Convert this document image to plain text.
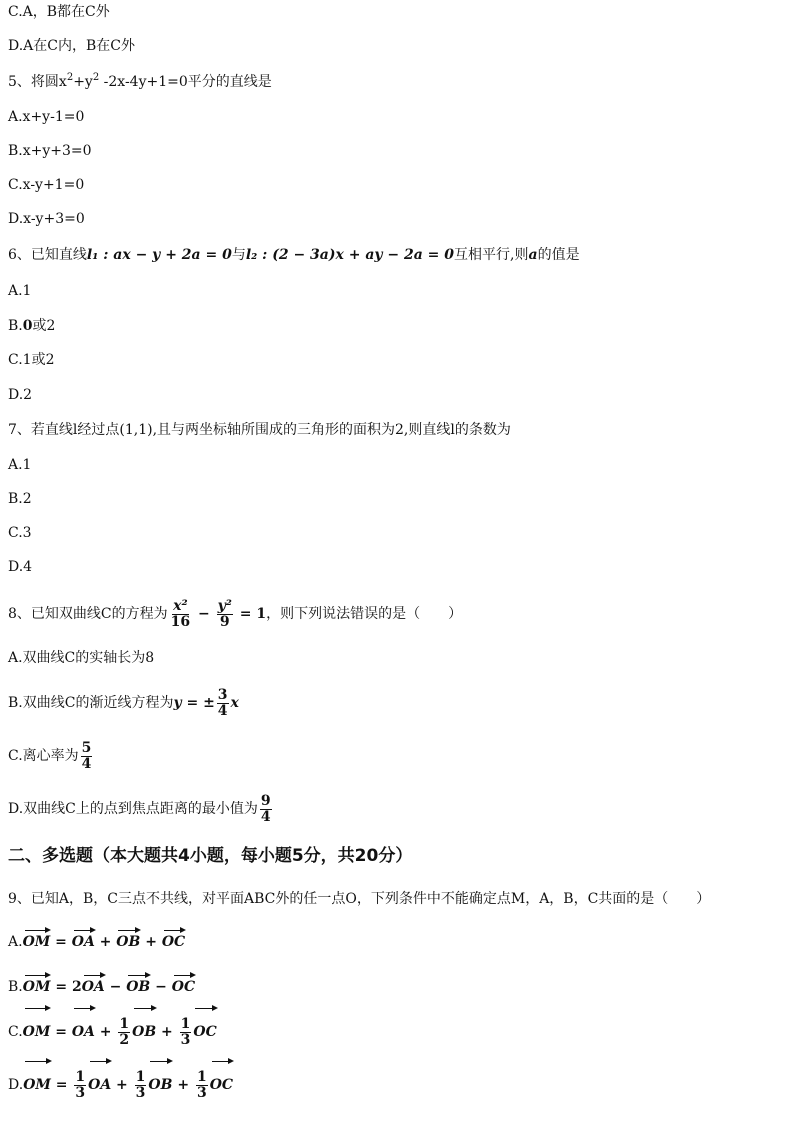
C.A，B都在C外
D.A在C内，B在C外
5、将圆$x^2+y^2$ -2x-4y+1=0平分的直线是
A.x+y-1=0
B.x+y+3=0
C.x-y+1=0
D.x-y+3=0
6、已知直线l₁ : ax − y + 2a = 0与l₂ : (2 − 3a)x + ay − 2a = 0互相平行,则a的值是
A.1
B.0或2
C.1或2
D.2
7、若直线l经过点(1,1),且与两坐标轴所围成的三角形的面积为2,则直线l的条数为
A.1
B.2
C.3
D.4
8、已知双曲线C的方程为 $\frac{\text{x²}}{16} - \frac{\text{y²}}{9} = 1$，则下列说法错误的是（　　）
A.双曲线C的实轴长为8
B.双曲线C的渐近线方程为y = ± $\frac{3}{4}$ x
C.离心率为 $\frac{5}{4}$
D.双曲线C上的点到焦点距离的最小值为 $\frac{9}{4}$
二、多选题（本大题共4小题，每小题5分，共20分）
9、已知A，B，C三点不共线，对平面ABC外的任一点O，下列条件中不能确定点M，A，B，C共面的是（　　）
A.OM = OA + OB + OC
B.OM = 2OA − OB − OC
C.OM = OA + $\frac{1}{2}$ OB + $\frac{1}{3}$ OC
$D.OM = \frac{1}{3}$ OA + $\frac{1}{3}$ OB + $\frac{1}{3}$ OC
